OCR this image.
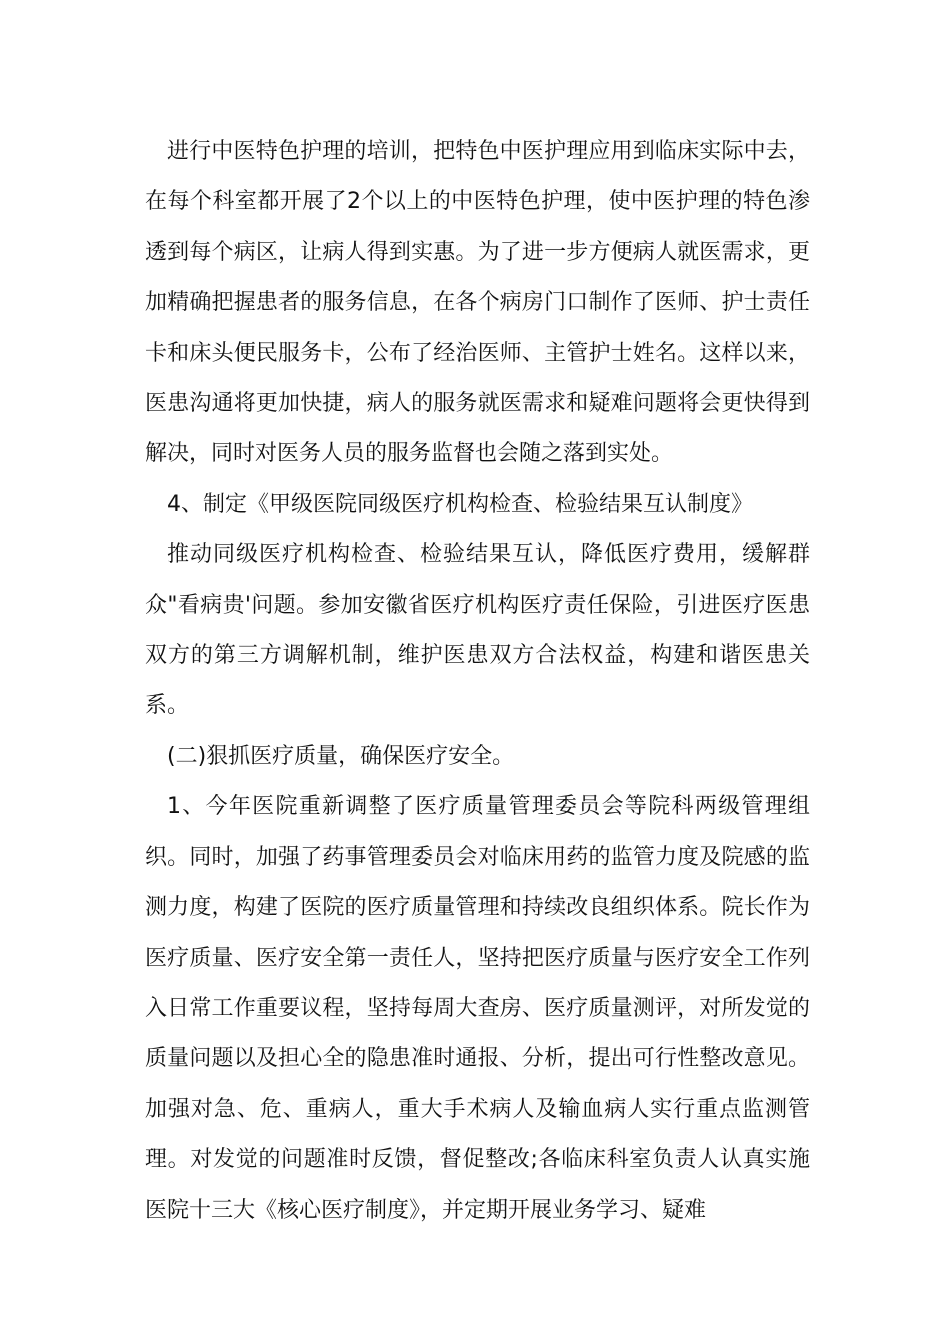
进行中医特色护理的培训，把特色中医护理应用到临床实际中去，在每个科室都开展了2个以上的中医特色护理，使中医护理的特色渗透到每个病区，让病人得到实惠。为了进一步方便病人就医需求，更加精确把握患者的服务信息，在各个病房门口制作了医师、护士责任卡和床头便民服务卡，公布了经治医师、主管护士姓名。这样以来，医患沟通将更加快捷，病人的服务就医需求和疑难问题将会更快得到解决，同时对医务人员的服务监督也会随之落到实处。

4、制定《甲级医院同级医疗机构检查、检验结果互认制度》

推动同级医疗机构检查、检验结果互认，降低医疗费用，缓解群众"看病贵'问题。参加安徽省医疗机构医疗责任保险，引进医疗医患双方的第三方调解机制，维护医患双方合法权益，构建和谐医患关系。

(二)狠抓医疗质量，确保医疗安全。

1、今年医院重新调整了医疗质量管理委员会等院科两级管理组织。同时，加强了药事管理委员会对临床用药的监管力度及院感的监测力度，构建了医院的医疗质量管理和持续改良组织体系。院长作为医疗质量、医疗安全第一责任人，坚持把医疗质量与医疗安全工作列入日常工作重要议程，坚持每周大查房、医疗质量测评，对所发觉的质量问题以及担心全的隐患准时通报、分析，提出可行性整改意见。加强对急、危、重病人，重大手术病人及输血病人实行重点监测管理。对发觉的问题准时反馈，督促整改;各临床科室负责人认真实施医院十三大《核心医疗制度》，并定期开展业务学习、疑难
